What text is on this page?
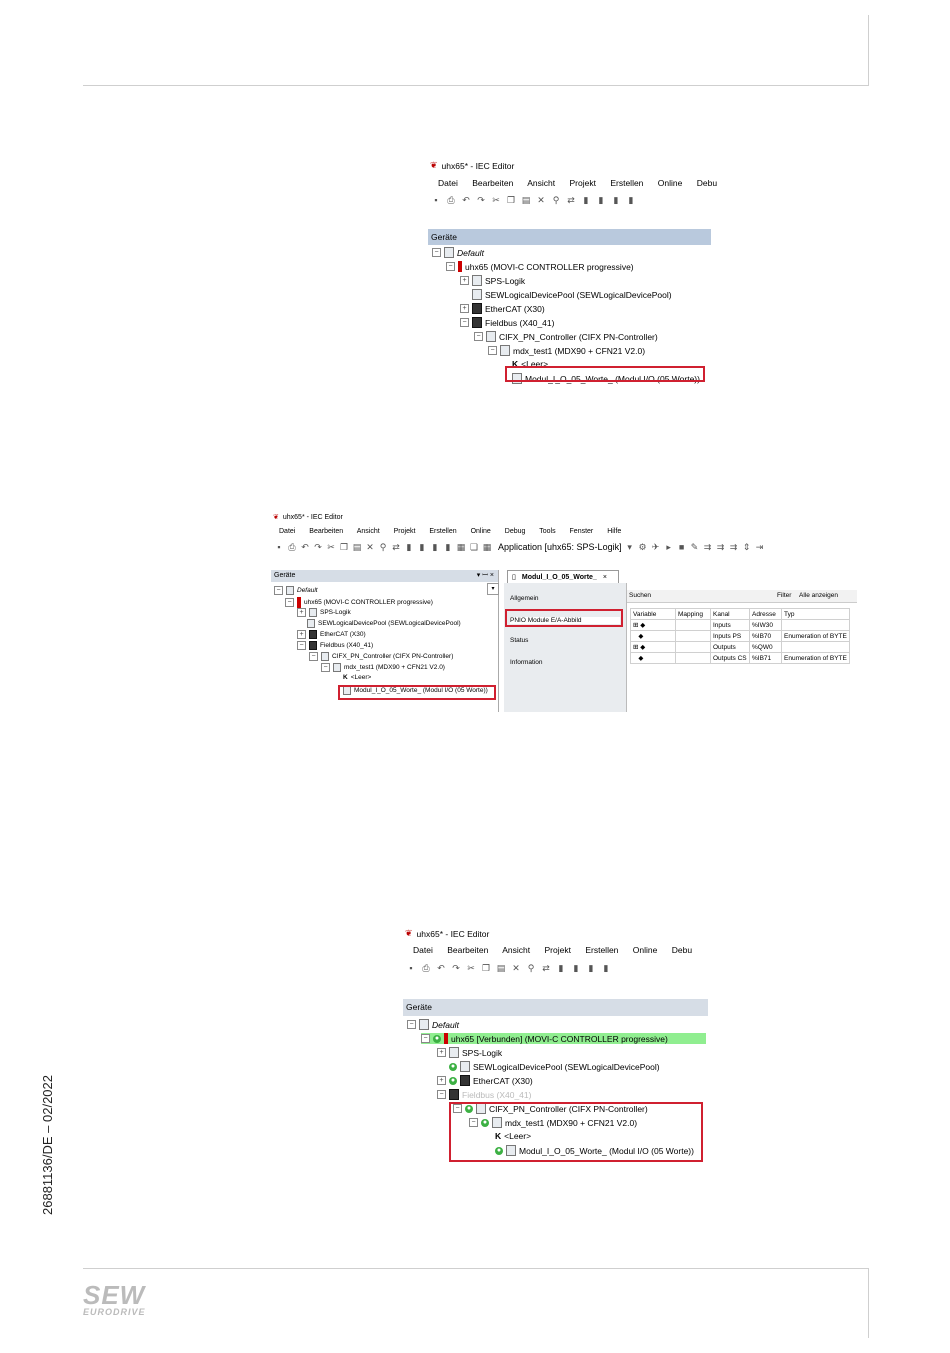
❦ uhx65* - IEC Editor
Datei Bearbeiten Ansicht Projekt Erstellen Online Debu
▪	⎙ ↶ ↷ ✂ ❐ ▤ ✕ ⚲ ⇄ ▮ ▮ ▮ ▮
Geräte
− Default
− uhx65 (MOVI-C CONTROLLER progressive)
+ SPS-Logik
SEWLogicalDevicePool (SEWLogicalDevicePool)
+ EtherCAT (X30)
− Fieldbus (X40_41)
− CIFX_PN_Controller (CIFX PN-Controller)
− mdx_test1 (MDX90 + CFN21 V2.0)
K <Leer>
Modul_I_O_05_Worte_ (Modul I/O (05 Worte))
❦ uhx65* - IEC Editor
Datei Bearbeiten Ansicht Projekt Erstellen Online Debug Tools Fenster Hilfe
▪ ⎙ ↶ ↷ ✂ ❐ ▤ ✕ ⚲ ⇄ ▮ ▮ ▮ ▮ ▦ ❏ ▦ Application [uhx65: SPS-Logik] ▾ ⚙ ✈ ▸ ■ ✎ ⇉ ⇉ ⇉ ⇕ ⇥
Geräte	▾ ꟷ ×
−	Default
−	uhx65 (MOVI-C CONTROLLER progressive)
+	SPS-Logik
SEWLogicalDevicePool (SEWLogicalDevicePool)
+	EtherCAT (X30)
−	Fieldbus (X40_41)
−	CIFX_PN_Controller (CIFX PN-Controller)
−	mdx_test1 (MDX90 + CFN21 V2.0)
K <Leer>
Modul_I_O_05_Worte_ (Modul I/O (05 Worte))
▾
▯ Modul_I_O_05_Worte_ ×
Allgemein
PNIO Module E/A-Abbild
Status
Information
Suchen	Filter Alle anzeigen
Variable	Mapping	Kanal	Adresse	Typ
⊞ ◆		Inputs	%IW30	
◆		Inputs PS	%IB70	Enumeration of BYTE
⊞ ◆		Outputs	%QW0	
◆		Outputs CS	%IB71	Enumeration of BYTE
❦ uhx65* - IEC Editor
Datei Bearbeiten Ansicht Projekt Erstellen Online Debu
▪	⎙ ↶ ↷ ✂ ❐ ▤ ✕ ⚲ ⇄ ▮ ▮ ▮ ▮
Geräte
− Default
−	● uhx65 [Verbunden] (MOVI-C CONTROLLER progressive)
+ SPS-Logik
● SEWLogicalDevicePool (SEWLogicalDevicePool)
+	● EtherCAT (X30)
− Fieldbus (X40_41)
−	● CIFX_PN_Controller (CIFX PN-Controller)
−	● mdx_test1 (MDX90 + CFN21 V2.0)
K <Leer>
● Modul_I_O_05_Worte_ (Modul I/O (05 Worte))
26881136/DE – 02/2022
SEW
EURODRIVE
